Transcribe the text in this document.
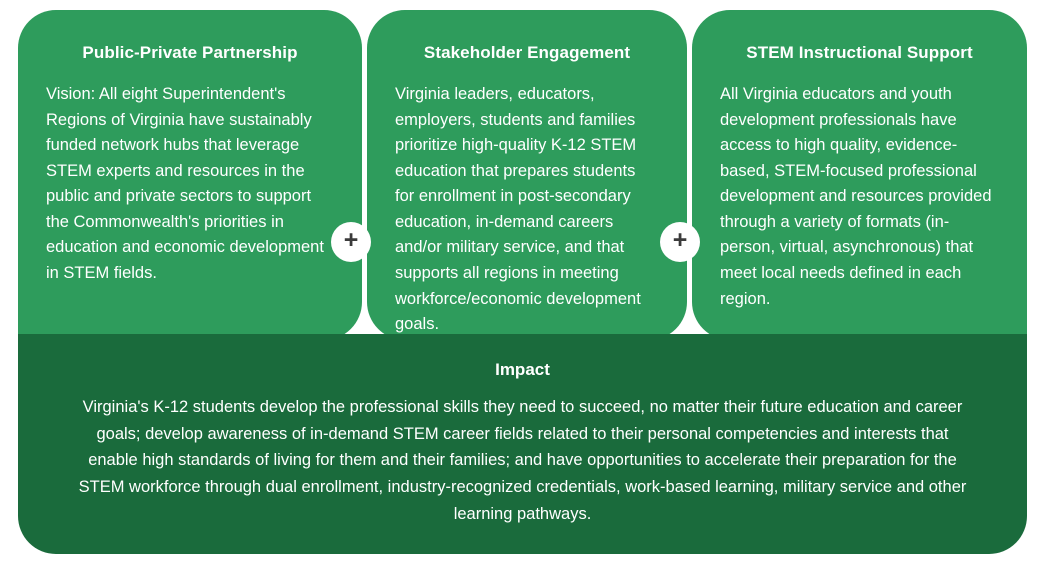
Public-Private Partnership

Vision: All eight Superintendent's Regions of Virginia have sustainably funded network hubs that leverage STEM experts and resources in the public and private sectors to support the Commonwealth's priorities in education and economic development in STEM fields.

Stakeholder Engagement

Virginia leaders, educators, employers, students and families prioritize high-quality K-12 STEM education that prepares students for enrollment in post-secondary education, in-demand careers and/or military service, and that supports all regions in meeting workforce/economic development goals.

STEM Instructional Support

All Virginia educators and youth development professionals have access to high quality, evidence-based, STEM-focused professional development and resources provided through a variety of formats (in-person, virtual, asynchronous) that meet local needs defined in each region.

+	+
Impact

Virginia's K-12 students develop the professional skills they need to succeed, no matter their future education and career goals; develop awareness of in-demand STEM career fields related to their personal competencies and interests that enable high standards of living for them and their families; and have opportunities to accelerate their preparation for the STEM workforce through dual enrollment, industry-recognized credentials, work-based learning, military service and other learning pathways.
